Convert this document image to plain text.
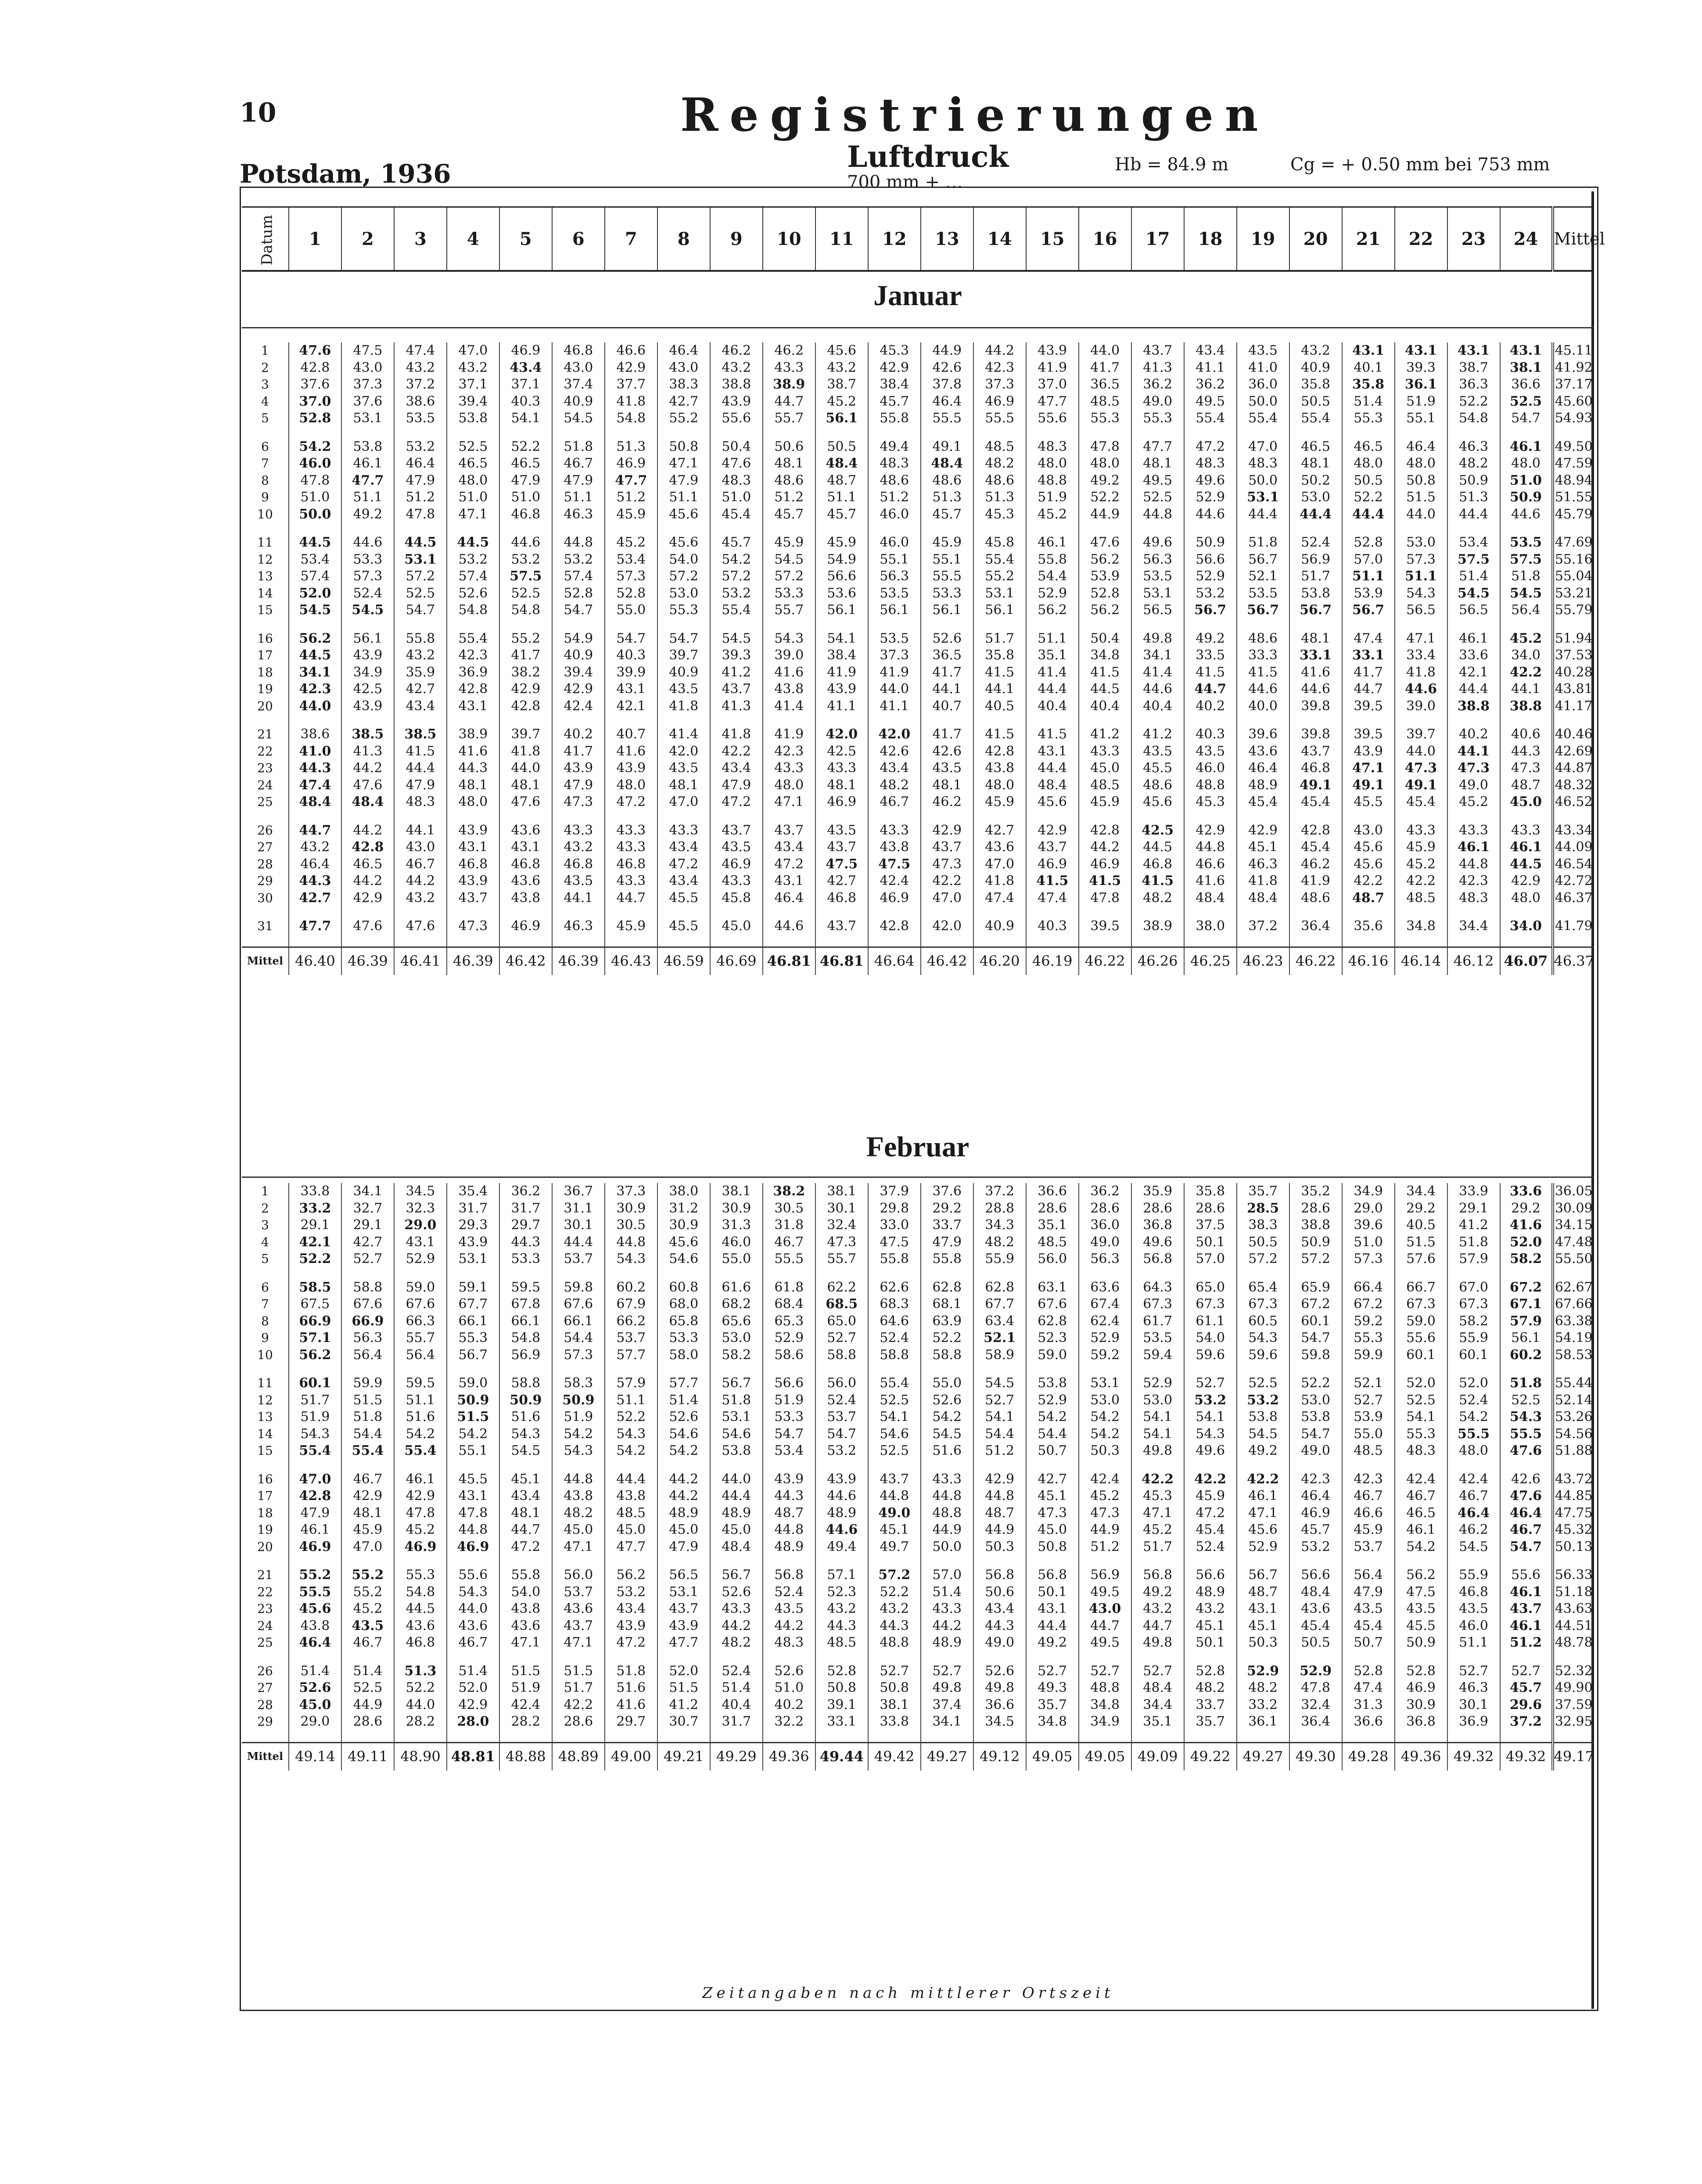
10	Registrierungen
Luftdruck
700 mm + …
Potsdam, 1936	Hb = 84.9 m	Cg = + 0.50 mm bei 753 mm
Datum	1	2	3	4	5	6	7	8	9	10	11	12	13	14	15	16	17	18	19	20	21	22	23	24	Mittel
Januar
1	47.6	47.5	47.4	47.0	46.9	46.8	46.6	46.4	46.2	46.2	45.6	45.3	44.9	44.2	43.9	44.0	43.7	43.4	43.5	43.2	43.1	43.1	43.1	43.1	45.11
2	42.8	43.0	43.2	43.2	43.4	43.0	42.9	43.0	43.2	43.3	43.2	42.9	42.6	42.3	41.9	41.7	41.3	41.1	41.0	40.9	40.1	39.3	38.7	38.1	41.92
3	37.6	37.3	37.2	37.1	37.1	37.4	37.7	38.3	38.8	38.9	38.7	38.4	37.8	37.3	37.0	36.5	36.2	36.2	36.0	35.8	35.8	36.1	36.3	36.6	37.17
4	37.0	37.6	38.6	39.4	40.3	40.9	41.8	42.7	43.9	44.7	45.2	45.7	46.4	46.9	47.7	48.5	49.0	49.5	50.0	50.5	51.4	51.9	52.2	52.5	45.60
5	52.8	53.1	53.5	53.8	54.1	54.5	54.8	55.2	55.6	55.7	56.1	55.8	55.5	55.5	55.6	55.3	55.3	55.4	55.4	55.4	55.3	55.1	54.8	54.7	54.93

6	54.2	53.8	53.2	52.5	52.2	51.8	51.3	50.8	50.4	50.6	50.5	49.4	49.1	48.5	48.3	47.8	47.7	47.2	47.0	46.5	46.5	46.4	46.3	46.1	49.50
7	46.0	46.1	46.4	46.5	46.5	46.7	46.9	47.1	47.6	48.1	48.4	48.3	48.4	48.2	48.0	48.0	48.1	48.3	48.3	48.1	48.0	48.0	48.2	48.0	47.59
8	47.8	47.7	47.9	48.0	47.9	47.9	47.7	47.9	48.3	48.6	48.7	48.6	48.6	48.6	48.8	49.2	49.5	49.6	50.0	50.2	50.5	50.8	50.9	51.0	48.94
9	51.0	51.1	51.2	51.0	51.0	51.1	51.2	51.1	51.0	51.2	51.1	51.2	51.3	51.3	51.9	52.2	52.5	52.9	53.1	53.0	52.2	51.5	51.3	50.9	51.55
10	50.0	49.2	47.8	47.1	46.8	46.3	45.9	45.6	45.4	45.7	45.7	46.0	45.7	45.3	45.2	44.9	44.8	44.6	44.4	44.4	44.4	44.0	44.4	44.6	45.79

11	44.5	44.6	44.5	44.5	44.6	44.8	45.2	45.6	45.7	45.9	45.9	46.0	45.9	45.8	46.1	47.6	49.6	50.9	51.8	52.4	52.8	53.0	53.4	53.5	47.69
12	53.4	53.3	53.1	53.2	53.2	53.2	53.4	54.0	54.2	54.5	54.9	55.1	55.1	55.4	55.8	56.2	56.3	56.6	56.7	56.9	57.0	57.3	57.5	57.5	55.16
13	57.4	57.3	57.2	57.4	57.5	57.4	57.3	57.2	57.2	57.2	56.6	56.3	55.5	55.2	54.4	53.9	53.5	52.9	52.1	51.7	51.1	51.1	51.4	51.8	55.04
14	52.0	52.4	52.5	52.6	52.5	52.8	52.8	53.0	53.2	53.3	53.6	53.5	53.3	53.1	52.9	52.8	53.1	53.2	53.5	53.8	53.9	54.3	54.5	54.5	53.21
15	54.5	54.5	54.7	54.8	54.8	54.7	55.0	55.3	55.4	55.7	56.1	56.1	56.1	56.1	56.2	56.2	56.5	56.7	56.7	56.7	56.7	56.5	56.5	56.4	55.79

16	56.2	56.1	55.8	55.4	55.2	54.9	54.7	54.7	54.5	54.3	54.1	53.5	52.6	51.7	51.1	50.4	49.8	49.2	48.6	48.1	47.4	47.1	46.1	45.2	51.94
17	44.5	43.9	43.2	42.3	41.7	40.9	40.3	39.7	39.3	39.0	38.4	37.3	36.5	35.8	35.1	34.8	34.1	33.5	33.3	33.1	33.1	33.4	33.6	34.0	37.53
18	34.1	34.9	35.9	36.9	38.2	39.4	39.9	40.9	41.2	41.6	41.9	41.9	41.7	41.5	41.4	41.5	41.4	41.5	41.5	41.6	41.7	41.8	42.1	42.2	40.28
19	42.3	42.5	42.7	42.8	42.9	42.9	43.1	43.5	43.7	43.8	43.9	44.0	44.1	44.1	44.4	44.5	44.6	44.7	44.6	44.6	44.7	44.6	44.4	44.1	43.81
20	44.0	43.9	43.4	43.1	42.8	42.4	42.1	41.8	41.3	41.4	41.1	41.1	40.7	40.5	40.4	40.4	40.4	40.2	40.0	39.8	39.5	39.0	38.8	38.8	41.17

21	38.6	38.5	38.5	38.9	39.7	40.2	40.7	41.4	41.8	41.9	42.0	42.0	41.7	41.5	41.5	41.2	41.2	40.3	39.6	39.8	39.5	39.7	40.2	40.6	40.46
22	41.0	41.3	41.5	41.6	41.8	41.7	41.6	42.0	42.2	42.3	42.5	42.6	42.6	42.8	43.1	43.3	43.5	43.5	43.6	43.7	43.9	44.0	44.1	44.3	42.69
23	44.3	44.2	44.4	44.3	44.0	43.9	43.9	43.5	43.4	43.3	43.3	43.4	43.5	43.8	44.4	45.0	45.5	46.0	46.4	46.8	47.1	47.3	47.3	47.3	44.87
24	47.4	47.6	47.9	48.1	48.1	47.9	48.0	48.1	47.9	48.0	48.1	48.2	48.1	48.0	48.4	48.5	48.6	48.8	48.9	49.1	49.1	49.1	49.0	48.7	48.32
25	48.4	48.4	48.3	48.0	47.6	47.3	47.2	47.0	47.2	47.1	46.9	46.7	46.2	45.9	45.6	45.9	45.6	45.3	45.4	45.4	45.5	45.4	45.2	45.0	46.52

26	44.7	44.2	44.1	43.9	43.6	43.3	43.3	43.3	43.7	43.7	43.5	43.3	42.9	42.7	42.9	42.8	42.5	42.9	42.9	42.8	43.0	43.3	43.3	43.3	43.34
27	43.2	42.8	43.0	43.1	43.1	43.2	43.3	43.4	43.5	43.4	43.7	43.8	43.7	43.6	43.7	44.2	44.5	44.8	45.1	45.4	45.6	45.9	46.1	46.1	44.09
28	46.4	46.5	46.7	46.8	46.8	46.8	46.8	47.2	46.9	47.2	47.5	47.5	47.3	47.0	46.9	46.9	46.8	46.6	46.3	46.2	45.6	45.2	44.8	44.5	46.54
29	44.3	44.2	44.2	43.9	43.6	43.5	43.3	43.4	43.3	43.1	42.7	42.4	42.2	41.8	41.5	41.5	41.5	41.6	41.8	41.9	42.2	42.2	42.3	42.9	42.72
30	42.7	42.9	43.2	43.7	43.8	44.1	44.7	45.5	45.8	46.4	46.8	46.9	47.0	47.4	47.4	47.8	48.2	48.4	48.4	48.6	48.7	48.5	48.3	48.0	46.37

31	47.7	47.6	47.6	47.3	46.9	46.3	45.9	45.5	45.0	44.6	43.7	42.8	42.0	40.9	40.3	39.5	38.9	38.0	37.2	36.4	35.6	34.8	34.4	34.0	41.79

Mittel	46.40	46.39	46.41	46.39	46.42	46.39	46.43	46.59	46.69	46.81	46.81	46.64	46.42	46.20	46.19	46.22	46.26	46.25	46.23	46.22	46.16	46.14	46.12	46.07	46.37
Februar
1	33.8	34.1	34.5	35.4	36.2	36.7	37.3	38.0	38.1	38.2	38.1	37.9	37.6	37.2	36.6	36.2	35.9	35.8	35.7	35.2	34.9	34.4	33.9	33.6	36.05
2	33.2	32.7	32.3	31.7	31.7	31.1	30.9	31.2	30.9	30.5	30.1	29.8	29.2	28.8	28.6	28.6	28.6	28.6	28.5	28.6	29.0	29.2	29.1	29.2	30.09
3	29.1	29.1	29.0	29.3	29.7	30.1	30.5	30.9	31.3	31.8	32.4	33.0	33.7	34.3	35.1	36.0	36.8	37.5	38.3	38.8	39.6	40.5	41.2	41.6	34.15
4	42.1	42.7	43.1	43.9	44.3	44.4	44.8	45.6	46.0	46.7	47.3	47.5	47.9	48.2	48.5	49.0	49.6	50.1	50.5	50.9	51.0	51.5	51.8	52.0	47.48
5	52.2	52.7	52.9	53.1	53.3	53.7	54.3	54.6	55.0	55.5	55.7	55.8	55.8	55.9	56.0	56.3	56.8	57.0	57.2	57.2	57.3	57.6	57.9	58.2	55.50

6	58.5	58.8	59.0	59.1	59.5	59.8	60.2	60.8	61.6	61.8	62.2	62.6	62.8	62.8	63.1	63.6	64.3	65.0	65.4	65.9	66.4	66.7	67.0	67.2	62.67
7	67.5	67.6	67.6	67.7	67.8	67.6	67.9	68.0	68.2	68.4	68.5	68.3	68.1	67.7	67.6	67.4	67.3	67.3	67.3	67.2	67.2	67.3	67.3	67.1	67.66
8	66.9	66.9	66.3	66.1	66.1	66.1	66.2	65.8	65.6	65.3	65.0	64.6	63.9	63.4	62.8	62.4	61.7	61.1	60.5	60.1	59.2	59.0	58.2	57.9	63.38
9	57.1	56.3	55.7	55.3	54.8	54.4	53.7	53.3	53.0	52.9	52.7	52.4	52.2	52.1	52.3	52.9	53.5	54.0	54.3	54.7	55.3	55.6	55.9	56.1	54.19
10	56.2	56.4	56.4	56.7	56.9	57.3	57.7	58.0	58.2	58.6	58.8	58.8	58.8	58.9	59.0	59.2	59.4	59.6	59.6	59.8	59.9	60.1	60.1	60.2	58.53

11	60.1	59.9	59.5	59.0	58.8	58.3	57.9	57.7	56.7	56.6	56.0	55.4	55.0	54.5	53.8	53.1	52.9	52.7	52.5	52.2	52.1	52.0	52.0	51.8	55.44
12	51.7	51.5	51.1	50.9	50.9	50.9	51.1	51.4	51.8	51.9	52.4	52.5	52.6	52.7	52.9	53.0	53.0	53.2	53.2	53.0	52.7	52.5	52.4	52.5	52.14
13	51.9	51.8	51.6	51.5	51.6	51.9	52.2	52.6	53.1	53.3	53.7	54.1	54.2	54.1	54.2	54.2	54.1	54.1	53.8	53.8	53.9	54.1	54.2	54.3	53.26
14	54.3	54.4	54.2	54.2	54.3	54.2	54.3	54.6	54.6	54.7	54.7	54.6	54.5	54.4	54.4	54.2	54.1	54.3	54.5	54.7	55.0	55.3	55.5	55.5	54.56
15	55.4	55.4	55.4	55.1	54.5	54.3	54.2	54.2	53.8	53.4	53.2	52.5	51.6	51.2	50.7	50.3	49.8	49.6	49.2	49.0	48.5	48.3	48.0	47.6	51.88

16	47.0	46.7	46.1	45.5	45.1	44.8	44.4	44.2	44.0	43.9	43.9	43.7	43.3	42.9	42.7	42.4	42.2	42.2	42.2	42.3	42.3	42.4	42.4	42.6	43.72
17	42.8	42.9	42.9	43.1	43.4	43.8	43.8	44.2	44.4	44.3	44.6	44.8	44.8	44.8	45.1	45.2	45.3	45.9	46.1	46.4	46.7	46.7	46.7	47.6	44.85
18	47.9	48.1	47.8	47.8	48.1	48.2	48.5	48.9	48.9	48.7	48.9	49.0	48.8	48.7	47.3	47.3	47.1	47.2	47.1	46.9	46.6	46.5	46.4	46.4	47.75
19	46.1	45.9	45.2	44.8	44.7	45.0	45.0	45.0	45.0	44.8	44.6	45.1	44.9	44.9	45.0	44.9	45.2	45.4	45.6	45.7	45.9	46.1	46.2	46.7	45.32
20	46.9	47.0	46.9	46.9	47.2	47.1	47.7	47.9	48.4	48.9	49.4	49.7	50.0	50.3	50.8	51.2	51.7	52.4	52.9	53.2	53.7	54.2	54.5	54.7	50.13

21	55.2	55.2	55.3	55.6	55.8	56.0	56.2	56.5	56.7	56.8	57.1	57.2	57.0	56.8	56.8	56.9	56.8	56.6	56.7	56.6	56.4	56.2	55.9	55.6	56.33
22	55.5	55.2	54.8	54.3	54.0	53.7	53.2	53.1	52.6	52.4	52.3	52.2	51.4	50.6	50.1	49.5	49.2	48.9	48.7	48.4	47.9	47.5	46.8	46.1	51.18
23	45.6	45.2	44.5	44.0	43.8	43.6	43.4	43.7	43.3	43.5	43.2	43.2	43.3	43.4	43.1	43.0	43.2	43.2	43.1	43.6	43.5	43.5	43.5	43.7	43.63
24	43.8	43.5	43.6	43.6	43.6	43.7	43.9	43.9	44.2	44.2	44.3	44.3	44.2	44.3	44.4	44.7	44.7	45.1	45.1	45.4	45.4	45.5	46.0	46.1	44.51
25	46.4	46.7	46.8	46.7	47.1	47.1	47.2	47.7	48.2	48.3	48.5	48.8	48.9	49.0	49.2	49.5	49.8	50.1	50.3	50.5	50.7	50.9	51.1	51.2	48.78

26	51.4	51.4	51.3	51.4	51.5	51.5	51.8	52.0	52.4	52.6	52.8	52.7	52.7	52.6	52.7	52.7	52.7	52.8	52.9	52.9	52.8	52.8	52.7	52.7	52.32
27	52.6	52.5	52.2	52.0	51.9	51.7	51.6	51.5	51.4	51.0	50.8	50.8	49.8	49.8	49.3	48.8	48.4	48.2	48.2	47.8	47.4	46.9	46.3	45.7	49.90
28	45.0	44.9	44.0	42.9	42.4	42.2	41.6	41.2	40.4	40.2	39.1	38.1	37.4	36.6	35.7	34.8	34.4	33.7	33.2	32.4	31.3	30.9	30.1	29.6	37.59
29	29.0	28.6	28.2	28.0	28.2	28.6	29.7	30.7	31.7	32.2	33.1	33.8	34.1	34.5	34.8	34.9	35.1	35.7	36.1	36.4	36.6	36.8	36.9	37.2	32.95

Mittel	49.14	49.11	48.90	48.81	48.88	48.89	49.00	49.21	49.29	49.36	49.44	49.42	49.27	49.12	49.05	49.05	49.09	49.22	49.27	49.30	49.28	49.36	49.32	49.32	49.17
Zeitangaben nach mittlerer Ortszeit
